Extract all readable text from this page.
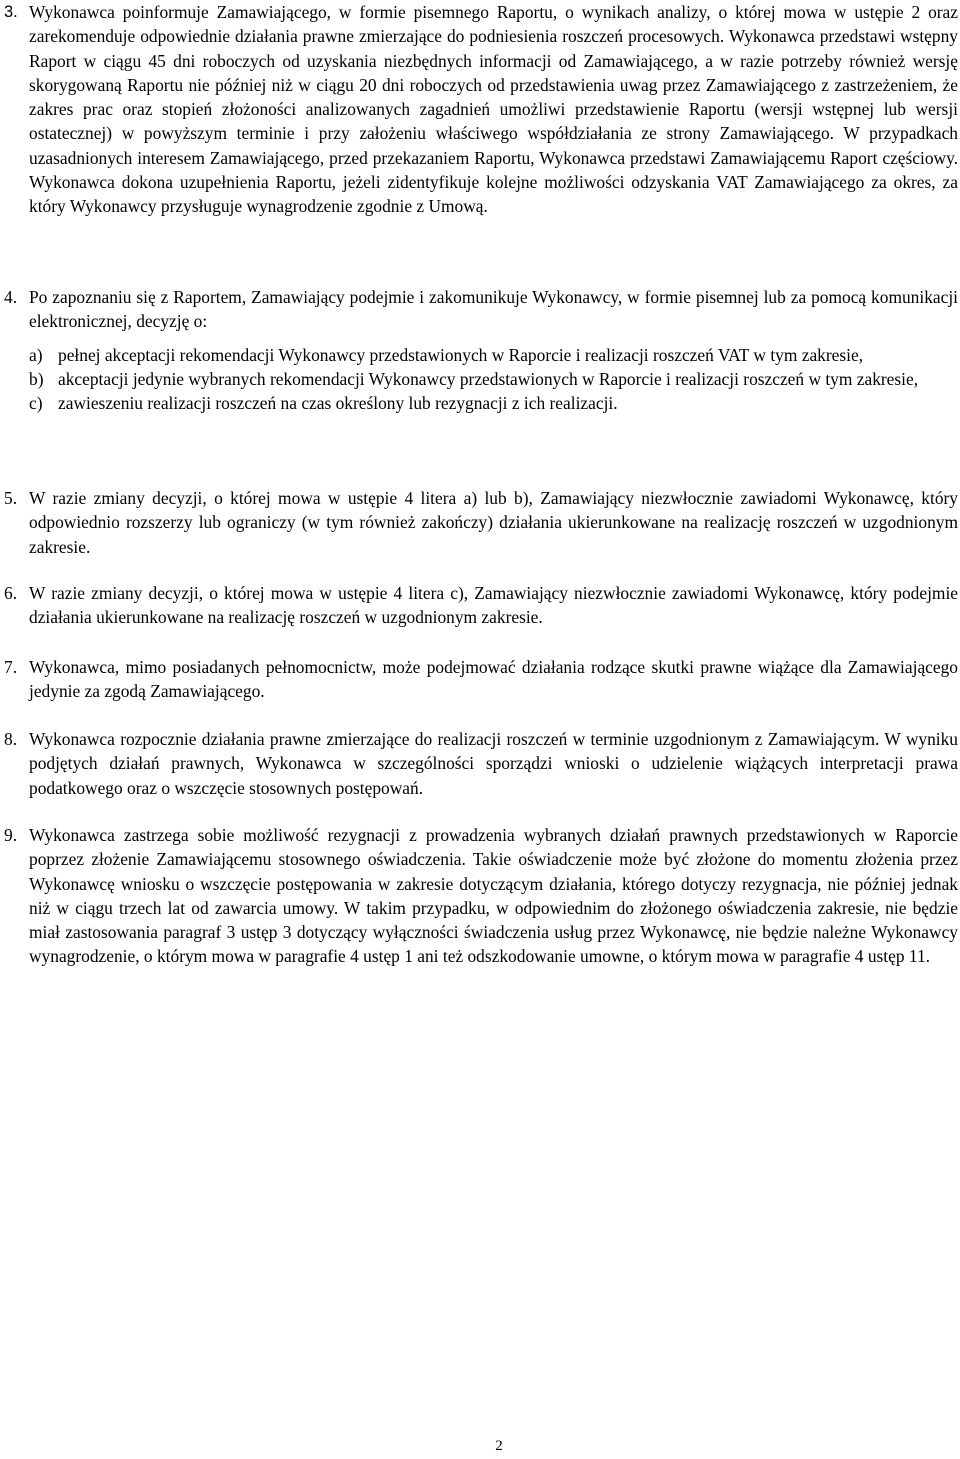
3. Wykonawca poinformuje Zamawiającego, w formie pisemnego Raportu, o wynikach analizy, o której mowa w ustępie 2 oraz zarekomenduje odpowiednie działania prawne zmierzające do podniesienia roszczeń procesowych. Wykonawca przedstawi wstępny Raport w ciągu 45 dni roboczych od uzyskania niezbędnych informacji od Zamawiającego, a w razie potrzeby również wersję skorygowaną Raportu nie później niż w ciągu 20 dni roboczych od przedstawienia uwag przez Zamawiającego z zastrzeżeniem, że zakres prac oraz stopień złożoności analizowanych zagadnień umożliwi przedstawienie Raportu (wersji wstępnej lub wersji ostatecznej) w powyższym terminie i przy założeniu właściwego współdziałania ze strony Zamawiającego. W przypadkach uzasadnionych interesem Zamawiającego, przed przekazaniem Raportu, Wykonawca przedstawi Zamawiającemu Raport częściowy. Wykonawca dokona uzupełnienia Raportu, jeżeli zidentyfikuje kolejne możliwości odzyskania VAT Zamawiającego za okres, za który Wykonawcy przysługuje wynagrodzenie zgodnie z Umową.
4. Po zapoznaniu się z Raportem, Zamawiający podejmie i zakomunikuje Wykonawcy, w formie pisemnej lub za pomocą komunikacji elektronicznej, decyzję o:
a) pełnej akceptacji rekomendacji Wykonawcy przedstawionych w Raporcie i realizacji roszczeń VAT w tym zakresie,
b) akceptacji jedynie wybranych rekomendacji Wykonawcy przedstawionych w Raporcie i realizacji roszczeń w tym zakresie,
c) zawieszeniu realizacji roszczeń na czas określony lub rezygnacji z ich realizacji.
5. W razie zmiany decyzji, o której mowa w ustępie 4 litera a) lub b), Zamawiający niezwłocznie zawiadomi Wykonawcę, który odpowiednio rozszerzy lub ograniczy (w tym również zakończy) działania ukierunkowane na realizację roszczeń w uzgodnionym zakresie.
6. W razie zmiany decyzji, o której mowa w ustępie 4 litera c), Zamawiający niezwłocznie zawiadomi Wykonawcę, który podejmie działania ukierunkowane na realizację roszczeń w uzgodnionym zakresie.
7. Wykonawca, mimo posiadanych pełnomocnictw, może podejmować działania rodzące skutki prawne wiążące dla Zamawiającego jedynie za zgodą Zamawiającego.
8. Wykonawca rozpocznie działania prawne zmierzające do realizacji roszczeń w terminie uzgodnionym z Zamawiającym. W wyniku podjętych działań prawnych, Wykonawca w szczególności sporządzi wnioski o udzielenie wiążących interpretacji prawa podatkowego oraz o wszczęcie stosownych postępowań.
9. Wykonawca zastrzega sobie możliwość rezygnacji z prowadzenia wybranych działań prawnych przedstawionych w Raporcie poprzez złożenie Zamawiającemu stosownego oświadczenia. Takie oświadczenie może być złożone do momentu złożenia przez Wykonawcę wniosku o wszczęcie postępowania w zakresie dotyczącym działania, którego dotyczy rezygnacja, nie później jednak niż w ciągu trzech lat od zawarcia umowy. W takim przypadku, w odpowiednim do złożonego oświadczenia zakresie, nie będzie miał zastosowania paragraf 3 ustęp 3 dotyczący wyłączności świadczenia usług przez Wykonawcę, nie będzie należne Wykonawcy wynagrodzenie, o którym mowa w paragrafie 4 ustęp 1 ani też odszkodowanie umowne, o którym mowa w paragrafie 4 ustęp 11.
2
